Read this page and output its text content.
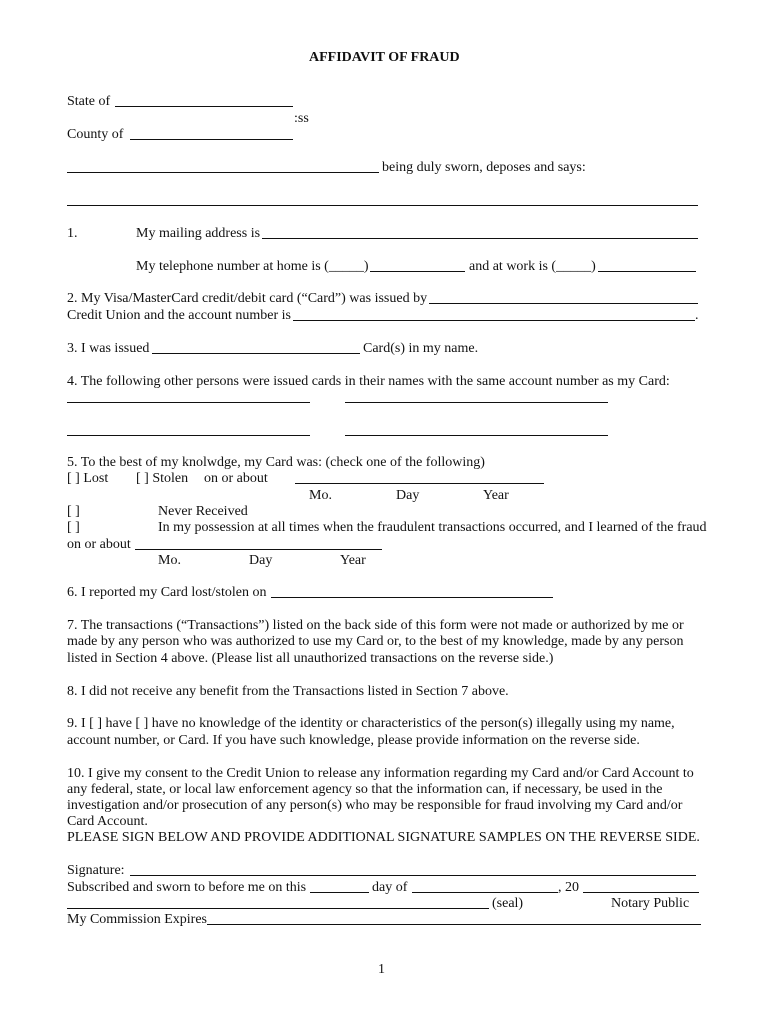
AFFIDAVIT OF FRAUD
State of
:ss
County of
being duly sworn, deposes and says:
1.	My mailing address is
My telephone number at home is (_____)	and at work is (_____)
2. My Visa/MasterCard credit/debit card (“Card”) was issued by
Credit Union and the account number is	.
3. I was issued	Card(s) in my name.
4. The following other persons were issued cards in their names with the same account number as my Card:
5. To the best of my knolwdge, my Card was: (check one of the following)
[ ] Lost [ ] Stolen on or about
Mo.	Day	Year
[ ]	Never Received
[ ]	In my possession at all times when the fraudulent transactions occurred, and I learned of the fraud
on or about
Mo.	Day	Year
6. I reported my Card lost/stolen on
7. The transactions (“Transactions”) listed on the back side of this form were not made or authorized by me or
made by any person who was authorized to use my Card or, to the best of my knowledge, made by any person
listed in Section 4 above. (Please list all unauthorized transactions on the reverse side.)
8. I did not receive any benefit from the Transactions listed in Section 7 above.
9. I [ ] have [ ] have no knowledge of the identity or characteristics of the person(s) illegally using my name,
account number, or Card. If you have such knowledge, please provide information on the reverse side.
10. I give my consent to the Credit Union to release any information regarding my Card and/or Card Account to
any federal, state, or local law enforcement agency so that the information can, if necessary, be used in the
investigation and/or prosecution of any person(s) who may be responsible for fraud involving my Card and/or
Card Account.
PLEASE SIGN BELOW AND PROVIDE ADDITIONAL SIGNATURE SAMPLES ON THE REVERSE SIDE.
Signature:
Subscribed and sworn to before me on this	day of	, 20
(seal)	Notary Public
My Commission Expires
1
